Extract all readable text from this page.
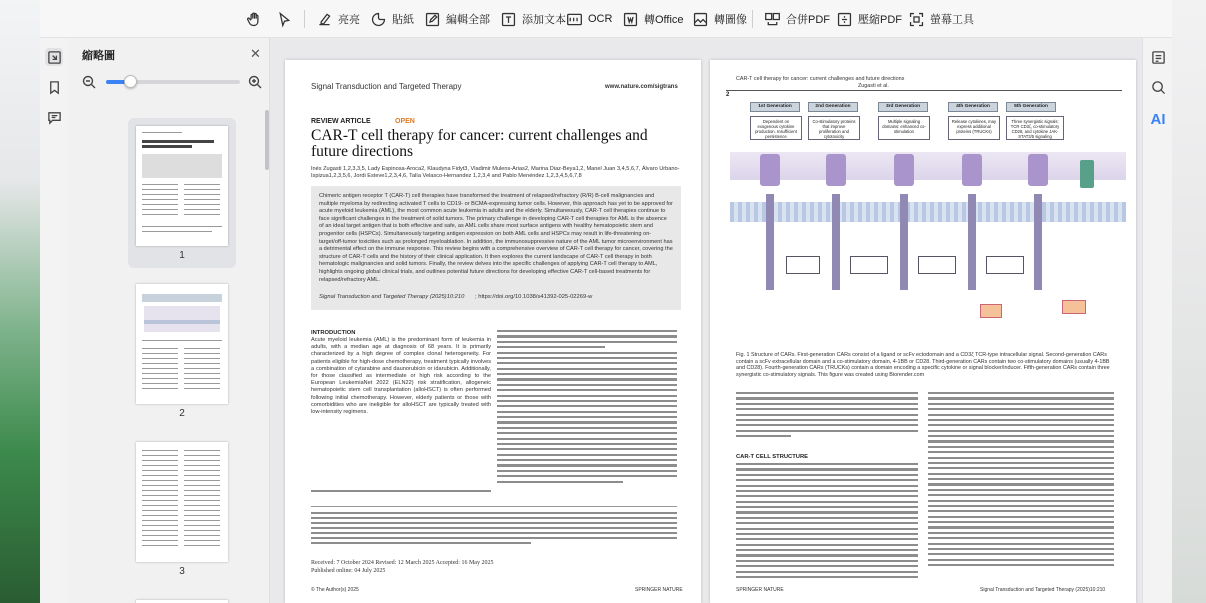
亮亮	貼紙	編輯全部	添加文本 OCR	轉Office	轉圖像	合併PDF	壓縮PDF	螢幕工具
縮略圖	✕
1
2
3
Signal Transduction and Targeted Therapy	www.nature.com/sigtrans
REVIEW ARTICLE	OPEN
CAR-T cell therapy for cancer: current challenges and future directions
Inés Zugasti 1,2,3,3,5, Lady Espinosa-Aroca2, Klaudyna Fidyt3, Vladimir Mulens-Arias2, Marina Diaz-Beya1,2, Manel Juan 3,4,5,6,7, Álvaro Urbano-Ispizua1,2,3,5,6, Jordi Esteve1,2,3,4,6, Talía Velasco-Hernandez 1,2,3,4 and Pablo Menéndez 1,2,3,4,5,6,7,8
Chimeric antigen receptor T (CAR-T) cell therapies have transformed the treatment of relapsed/refractory (R/R) B-cell malignancies and multiple myeloma by redirecting activated T cells to CD19- or BCMA-expressing tumor cells. However, this approach has yet to be approved for acute myeloid leukemia (AML), the most common acute leukemia in adults and the elderly. Simultaneously, CAR-T cell therapies continue to face significant challenges in the treatment of solid tumors. The primary challenge in developing CAR-T cell therapies for AML is the absence of an ideal target antigen that is both effective and safe, as AML cells share most surface antigens with healthy hematopoietic stem and progenitor cells (HSPCs). Simultaneously targeting antigen expression on both AML cells and HSPCs may result in life-threatening on-target/off-tumor toxicities such as prolonged myeloablation. In addition, the immunosuppressive nature of the AML tumor microenvironment has a detrimental effect on the immune response. This review begins with a comprehensive overview of CAR-T cell therapy for cancer, covering the structure of CAR-T cells and the history of their clinical application. It then explores the current landscape of CAR-T cell therapy in both hematologic malignancies and solid tumors. Finally, the review delves into the specific challenges of applying CAR-T cell therapy to AML, highlights ongoing global clinical trials, and outlines potential future directions for developing effective CAR-T cell-based treatments for relapsed/refractory AML.
Signal Transduction and Targeted Therapy (2025)10:210 ; https://doi.org/10.1038/s41392-025-02269-w
INTRODUCTION
Acute myeloid leukemia (AML) is the predominant form of leukemia in adults, with a median age at diagnosis of 68 years. It is primarily characterized by a high degree of complex clonal heterogeneity. For patients eligible for high-dose chemotherapy, treatment typically involves a combination of cytarabine and daunorubicin or idarubicin. Additionally, for those classified as intermediate or high risk according to the European LeukemiaNet 2022 (ELN22) risk stratification, allogeneic hematopoietic stem cell transplantation (alloHSCT) is often performed following initial chemotherapy. However, elderly patients or those with comorbidities who are ineligible for alloHSCT are typically treated with low-intensity regimens.
Received: 7 October 2024 Revised: 12 March 2025 Accepted: 16 May 2025
Published online: 04 July 2025
© The Author(s) 2025	SPRINGER NATURE
CAR-T cell therapy for cancer: current challenges and future directions
Zugasti et al.
2
1st Generation	2nd Generation	3rd Generation	4th Generation	5th Generation
Dependent on exogenous cytokine production. Insufficient persistence
Co-stimulatory proteins that improve proliferation and cytotoxicity
Multiple signaling domains: enhanced co-stimulation
Release cytokines, may express additional proteins (TRUCKs)
Three synergistic signals: TCR CD3ζ, co-stimulatory CD28, and cytokine JAK-STAT3/5 signaling
Fig. 1 Structure of CARs. First-generation CARs consist of a ligand or scFv ectodomain and a CD3ζ TCR-type intracellular signal. Second-generation CARs contain a scFv extracellular domain and a co-stimulatory domain, 4-1BB or CD28. Third-generation CARs contain two co-stimulatory domains (usually 4-1BB and CD28). Fourth-generation CARs (TRUCKs) contain a domain encoding a specific cytokine or signal blocker/inducer. Fifth-generation CARs contain three synergistic co-stimulatory signals. This figure was created using Biorender.com
CAR-T CELL STRUCTURE
SPRINGER NATURE	Signal Transduction and Targeted Therapy (2025)10:210
AI
